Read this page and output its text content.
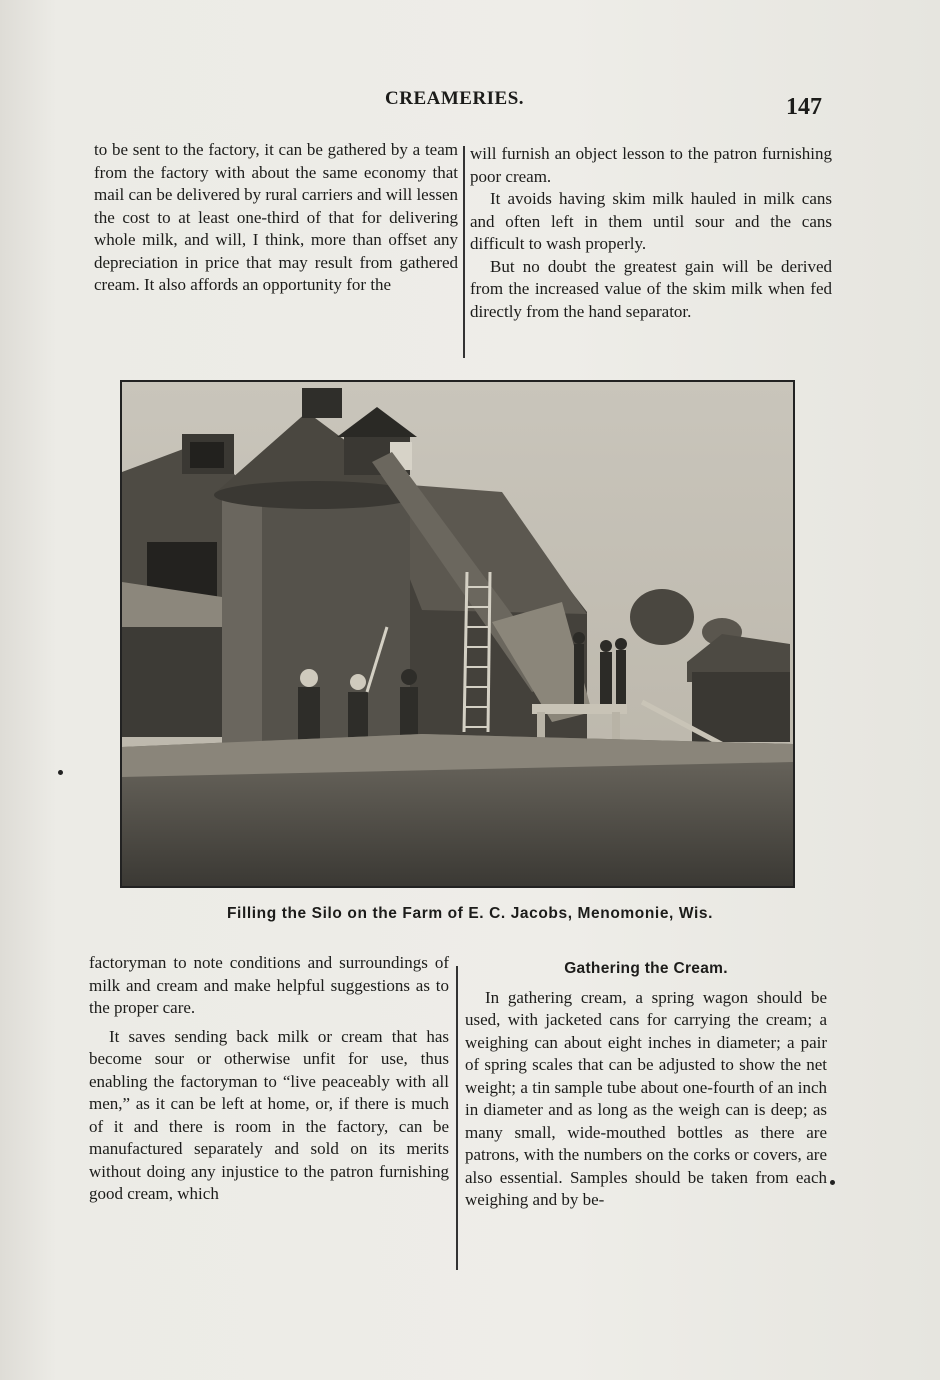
CREAMERIES.	147

to be sent to the factory, it can be gathered by a team from the factory with about the same economy that mail can be delivered by rural carriers and will lessen the cost to at least one-third of that for delivering whole milk, and will, I think, more than offset any depreciation in price that may result from gathered cream. It also affords an opportunity for the

will furnish an object lesson to the patron furnishing poor cream.

It avoids having skim milk hauled in milk cans and often left in them until sour and the cans difficult to wash properly.

But no doubt the greatest gain will be derived from the increased value of the skim milk when fed directly from the hand separator.

Filling the Silo on the Farm of E. C. Jacobs, Menomonie, Wis.

factoryman to note conditions and surroundings of milk and cream and make helpful suggestions as to the proper care.

It saves sending back milk or cream that has become sour or otherwise unfit for use, thus enabling the factoryman to “live peaceably with all men,” as it can be left at home, or, if there is much of it and there is room in the factory, can be manufactured separately and sold on its merits without doing any injustice to the patron furnishing good cream, which

Gathering the Cream.

In gathering cream, a spring wagon should be used, with jacketed cans for carrying the cream; a weighing can about eight inches in diameter; a pair of spring scales that can be adjusted to show the net weight; a tin sample tube about one-fourth of an inch in diameter and as long as the weigh can is deep; as many small, wide-mouthed bottles as there are patrons, with the numbers on the corks or covers, are also essential. Samples should be taken from each weighing and by be-
